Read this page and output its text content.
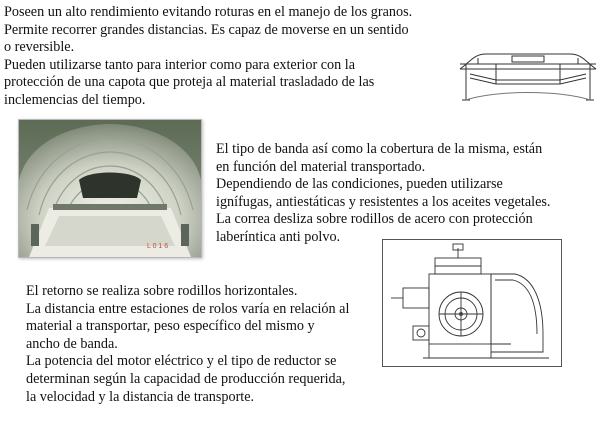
Poseen un alto rendimiento evitando roturas en el manejo de los granos.
Permite recorrer grandes distancias. Es capaz de moverse en un sentido
o reversible.
Pueden utilizarse tanto para interior como para exterior con la
protección de una capota que proteja al material trasladado de las
inclemencias del tiempo.
L 0 1 6
El tipo de banda así como la cobertura de la misma, están
en función del material transportado.
Dependiendo de las condiciones, pueden utilizarse
ignífugas, antiestáticas y resistentes a los aceites vegetales.
La correa desliza sobre rodillos de acero con protección
laberíntica anti polvo.
El retorno se realiza sobre rodillos horizontales.
La distancia entre estaciones de rolos varía en relación al
material a transportar, peso específico del mismo y
ancho de banda.
La potencia del motor eléctrico y el tipo de reductor se
determinan según la capacidad de producción requerida,
la velocidad y la distancia de transporte.
